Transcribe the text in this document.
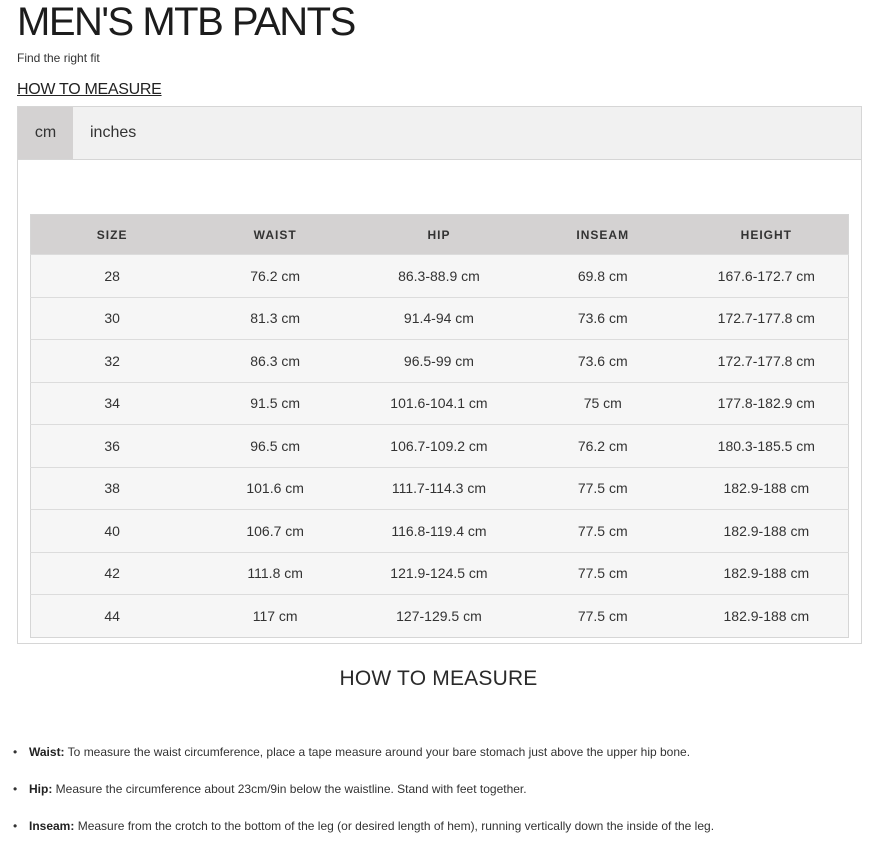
MEN'S MTB PANTS
Find the right fit
HOW TO MEASURE
cm	inches
SIZE	WAIST	HIP	INSEAM	HEIGHT
28	76.2 cm	86.3-88.9 cm	69.8 cm	167.6-172.7 cm
30	81.3 cm	91.4-94 cm	73.6 cm	172.7-177.8 cm
32	86.3 cm	96.5-99 cm	73.6 cm	172.7-177.8 cm
34	91.5 cm	101.6-104.1 cm	75 cm	177.8-182.9 cm
36	96.5 cm	106.7-109.2 cm	76.2 cm	180.3-185.5 cm
38	101.6 cm	111.7-114.3 cm	77.5 cm	182.9-188 cm
40	106.7 cm	116.8-119.4 cm	77.5 cm	182.9-188 cm
42	111.8 cm	121.9-124.5 cm	77.5 cm	182.9-188 cm
44	117 cm	127-129.5 cm	77.5 cm	182.9-188 cm
HOW TO MEASURE
• Waist: To measure the waist circumference, place a tape measure around your bare stomach just above the upper hip bone.
• Hip: Measure the circumference about 23cm/9in below the waistline. Stand with feet together.
• Inseam: Measure from the crotch to the bottom of the leg (or desired length of hem), running vertically down the inside of the leg.
